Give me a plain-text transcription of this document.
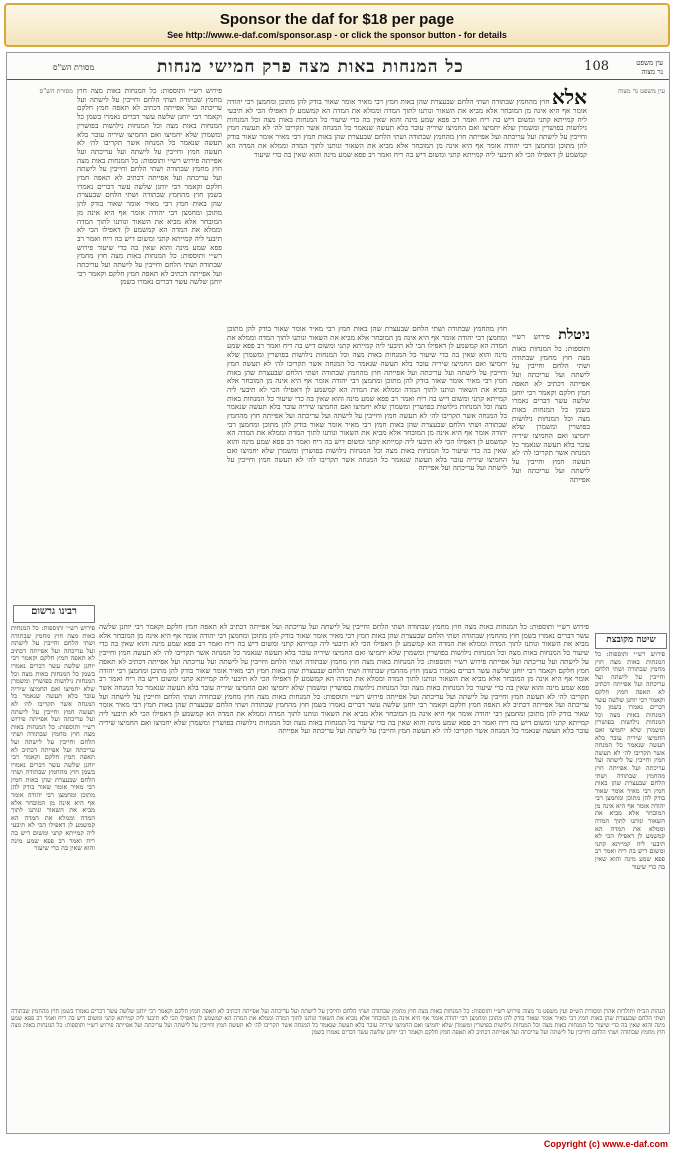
Sponsor the daf for $18 per page
See http://www.e-daf.com/sponsor.asp - or click the sponsor button - for details
מסורת הש"ס	כל המנחות באות מצה פרק חמישי מנחות	108	עין משפט
נר מצוה
עין משפט נר מצוה
אלא חוץ מהחמץ שבתודה ושתי הלחם שבעצרת שהן באות חמץ רבי מאיר אומר שאור בודק להן מתוכן ומחמצן רבי יהודה אומר אף היא אינה מן המובחר אלא מביא את השאור ונותנו לתוך המדה וממלא את המדה הא קמשמע לן דאפילו הכי לא תיבעי ליה קמייתא קתני ומשום דיש בה ריח ואמר רב פפא שמע מינה והוא שאין בה כדי שיעור כל המנחות באות מצה וכל המנחות נילושות בפושרין ומשמרן שלא יחמיצו ואם החמיצו שיריה עובר בלא תעשה שנאמר כל המנחה אשר תקריבו לה׳ לא תעשה חמץ וחייבין על לישתה ועל עריכתה ועל אפייתה חוץ מהחמץ שבתודה ושתי הלחם שבעצרת שהן באות חמץ רבי מאיר אומר שאור בודק להן מתוכן ומחמצן רבי יהודה אומר אף היא אינה מן המובחר אלא מביא את השאור ונותנו לתוך המדה וממלא את המדה הא קמשמע לן דאפילו הכי לא תיבעי ליה קמייתא קתני ומשום דיש בה ריח ואמר רב פפא שמע מינה והוא שאין בה כדי שיעור
חוץ מהחמץ שבתודה ושתי הלחם שבעצרת שהן באות חמץ רבי מאיר אומר שאור בודק להן מתוכן ומחמצן רבי יהודה אומר אף היא אינה מן המובחר אלא מביא את השאור ונותנו לתוך המדה וממלא את המדה הא קמשמע לן דאפילו הכי לא תיבעי ליה קמייתא קתני ומשום דיש בה ריח ואמר רב פפא שמע מינה והוא שאין בה כדי שיעור כל המנחות באות מצה וכל המנחות נילושות בפושרין ומשמרן שלא יחמיצו ואם החמיצו שיריה עובר בלא תעשה שנאמר כל המנחה אשר תקריבו לה׳ לא תעשה חמץ וחייבין על לישתה ועל עריכתה ועל אפייתה חוץ מהחמץ שבתודה ושתי הלחם שבעצרת שהן באות חמץ רבי מאיר אומר שאור בודק להן מתוכן ומחמצן רבי יהודה אומר אף היא אינה מן המובחר אלא מביא את השאור ונותנו לתוך המדה וממלא את המדה הא קמשמע לן דאפילו הכי לא תיבעי ליה קמייתא קתני ומשום דיש בה ריח ואמר רב פפא שמע מינה והוא שאין בה כדי שיעור כל המנחות באות מצה וכל המנחות נילושות בפושרין ומשמרן שלא יחמיצו ואם החמיצו שיריה עובר בלא תעשה שנאמר כל המנחה אשר תקריבו לה׳ לא תעשה חמץ וחייבין על לישתה ועל עריכתה ועל אפייתה חוץ מהחמץ שבתודה ושתי הלחם שבעצרת שהן באות חמץ רבי מאיר אומר שאור בודק להן מתוכן ומחמצן רבי יהודה אומר אף היא אינה מן המובחר אלא מביא את השאור ונותנו לתוך המדה וממלא את המדה הא קמשמע לן דאפילו הכי לא תיבעי ליה קמייתא קתני ומשום דיש בה ריח ואמר רב פפא שמע מינה והוא שאין בה כדי שיעור כל המנחות באות מצה וכל המנחות נילושות בפושרין ומשמרן שלא יחמיצו ואם החמיצו שיריה עובר בלא תעשה שנאמר כל המנחה אשר תקריבו לה׳ לא תעשה חמץ וחייבין על לישתה ועל עריכתה ועל אפייתה
ניטלת פירוש רש״י ותוספות: כל המנחות באות מצה חוץ מחמץ שבתודה ושתי הלחם וחייבין על לישתה ועל עריכתה ועל אפייתה דכתיב לא תאפה חמץ חלקם וקאמר רבי יוחנן שלשה עשר דברים נאמרו בשמן כל המנחות באות מצה וכל המנחות נילושות בפושרין ומשמרן שלא יחמיצו ואם החמיצו שיריה עובר בלא תעשה שנאמר כל המנחה אשר תקריבו לה׳ לא תעשה חמץ וחייבין על לישתה ועל עריכתה ועל אפייתה
פירוש רש״י ותוספות: כל המנחות באות מצה חוץ מחמץ שבתודה ושתי הלחם וחייבין על לישתה ועל עריכתה ועל אפייתה דכתיב לא תאפה חמץ חלקם וקאמר רבי יוחנן שלשה עשר דברים נאמרו בשמן כל המנחות באות מצה וכל המנחות נילושות בפושרין ומשמרן שלא יחמיצו ואם החמיצו שיריה עובר בלא תעשה שנאמר כל המנחה אשר תקריבו לה׳ לא תעשה חמץ וחייבין על לישתה ועל עריכתה ועל אפייתה פירוש רש״י ותוספות: כל המנחות באות מצה חוץ מחמץ שבתודה ושתי הלחם וחייבין על לישתה ועל עריכתה ועל אפייתה דכתיב לא תאפה חמץ חלקם וקאמר רבי יוחנן שלשה עשר דברים נאמרו בשמן חוץ מהחמץ שבתודה ושתי הלחם שבעצרת שהן באות חמץ רבי מאיר אומר שאור בודק להן מתוכן ומחמצן רבי יהודה אומר אף היא אינה מן המובחר אלא מביא את השאור ונותנו לתוך המדה וממלא את המדה הא קמשמע לן דאפילו הכי לא תיבעי ליה קמייתא קתני ומשום דיש בה ריח ואמר רב פפא שמע מינה והוא שאין בה כדי שיעור פירוש רש״י ותוספות: כל המנחות באות מצה חוץ מחמץ שבתודה ושתי הלחם וחייבין על לישתה ועל עריכתה ועל אפייתה דכתיב לא תאפה חמץ חלקם וקאמר רבי יוחנן שלשה עשר דברים נאמרו בשמן
מסורת הש"ס
רבינו גרשום
פירוש רש״י ותוספות: כל המנחות באות מצה חוץ מחמץ שבתודה ושתי הלחם וחייבין על לישתה ועל עריכתה ועל אפייתה דכתיב לא תאפה חמץ חלקם וקאמר רבי יוחנן שלשה עשר דברים נאמרו בשמן כל המנחות באות מצה וכל המנחות נילושות בפושרין ומשמרן שלא יחמיצו ואם החמיצו שיריה עובר בלא תעשה שנאמר כל המנחה אשר תקריבו לה׳ לא תעשה חמץ וחייבין על לישתה ועל עריכתה ועל אפייתה פירוש רש״י ותוספות: כל המנחות באות מצה חוץ מחמץ שבתודה ושתי הלחם וחייבין על לישתה ועל עריכתה ועל אפייתה דכתיב לא תאפה חמץ חלקם וקאמר רבי יוחנן שלשה עשר דברים נאמרו בשמן חוץ מהחמץ שבתודה ושתי הלחם שבעצרת שהן באות חמץ רבי מאיר אומר שאור בודק להן מתוכן ומחמצן רבי יהודה אומר אף היא אינה מן המובחר אלא מביא את השאור ונותנו לתוך המדה וממלא את המדה הא קמשמע לן דאפילו הכי לא תיבעי ליה קמייתא קתני ומשום דיש בה ריח ואמר רב פפא שמע מינה והוא שאין בה כדי שיעור
פירוש רש״י ותוספות: כל המנחות באות מצה חוץ מחמץ שבתודה ושתי הלחם וחייבין על לישתה ועל עריכתה ועל אפייתה דכתיב לא תאפה חמץ חלקם וקאמר רבי יוחנן שלשה עשר דברים נאמרו בשמן חוץ מהחמץ שבתודה ושתי הלחם שבעצרת שהן באות חמץ רבי מאיר אומר שאור בודק להן מתוכן ומחמצן רבי יהודה אומר אף היא אינה מן המובחר אלא מביא את השאור ונותנו לתוך המדה וממלא את המדה הא קמשמע לן דאפילו הכי לא תיבעי ליה קמייתא קתני ומשום דיש בה ריח ואמר רב פפא שמע מינה והוא שאין בה כדי שיעור כל המנחות באות מצה וכל המנחות נילושות בפושרין ומשמרן שלא יחמיצו ואם החמיצו שיריה עובר בלא תעשה שנאמר כל המנחה אשר תקריבו לה׳ לא תעשה חמץ וחייבין על לישתה ועל עריכתה ועל אפייתה פירוש רש״י ותוספות: כל המנחות באות מצה חוץ מחמץ שבתודה ושתי הלחם וחייבין על לישתה ועל עריכתה ועל אפייתה דכתיב לא תאפה חמץ חלקם וקאמר רבי יוחנן שלשה עשר דברים נאמרו בשמן חוץ מהחמץ שבתודה ושתי הלחם שבעצרת שהן באות חמץ רבי מאיר אומר שאור בודק להן מתוכן ומחמצן רבי יהודה אומר אף היא אינה מן המובחר אלא מביא את השאור ונותנו לתוך המדה וממלא את המדה הא קמשמע לן דאפילו הכי לא תיבעי ליה קמייתא קתני ומשום דיש בה ריח ואמר רב פפא שמע מינה והוא שאין בה כדי שיעור כל המנחות באות מצה וכל המנחות נילושות בפושרין ומשמרן שלא יחמיצו ואם החמיצו שיריה עובר בלא תעשה שנאמר כל המנחה אשר תקריבו לה׳ לא תעשה חמץ וחייבין על לישתה ועל עריכתה ועל אפייתה פירוש רש״י ותוספות: כל המנחות באות מצה חוץ מחמץ שבתודה ושתי הלחם וחייבין על לישתה ועל עריכתה ועל אפייתה דכתיב לא תאפה חמץ חלקם וקאמר רבי יוחנן שלשה עשר דברים נאמרו בשמן חוץ מהחמץ שבתודה ושתי הלחם שבעצרת שהן באות חמץ רבי מאיר אומר שאור בודק להן מתוכן ומחמצן רבי יהודה אומר אף היא אינה מן המובחר אלא מביא את השאור ונותנו לתוך המדה וממלא את המדה הא קמשמע לן דאפילו הכי לא תיבעי ליה קמייתא קתני ומשום דיש בה ריח ואמר רב פפא שמע מינה והוא שאין בה כדי שיעור כל המנחות באות מצה וכל המנחות נילושות בפושרין ומשמרן שלא יחמיצו ואם החמיצו שיריה עובר בלא תעשה שנאמר כל המנחה אשר תקריבו לה׳ לא תעשה חמץ וחייבין על לישתה ועל עריכתה ועל אפייתה
שיטה מקובצת
פירוש רש״י ותוספות: כל המנחות באות מצה חוץ מחמץ שבתודה ושתי הלחם וחייבין על לישתה ועל עריכתה ועל אפייתה דכתיב לא תאפה חמץ חלקם וקאמר רבי יוחנן שלשה עשר דברים נאמרו בשמן כל המנחות באות מצה וכל המנחות נילושות בפושרין ומשמרן שלא יחמיצו ואם החמיצו שיריה עובר בלא תעשה שנאמר כל המנחה אשר תקריבו לה׳ לא תעשה חמץ וחייבין על לישתה ועל עריכתה ועל אפייתה חוץ מהחמץ שבתודה ושתי הלחם שבעצרת שהן באות חמץ רבי מאיר אומר שאור בודק להן מתוכן ומחמצן רבי יהודה אומר אף היא אינה מן המובחר אלא מביא את השאור ונותנו לתוך המדה וממלא את המדה הא קמשמע לן דאפילו הכי לא תיבעי ליה קמייתא קתני ומשום דיש בה ריח ואמר רב פפא שמע מינה והוא שאין בה כדי שיעור
הגהות הב״ח ותולדות אהרן ומסורת הש״ס ועין משפט נר מצוה פירוש רש״י ותוספות: כל המנחות באות מצה חוץ מחמץ שבתודה ושתי הלחם וחייבין על לישתה ועל עריכתה ועל אפייתה דכתיב לא תאפה חמץ חלקם וקאמר רבי יוחנן שלשה עשר דברים נאמרו בשמן חוץ מהחמץ שבתודה ושתי הלחם שבעצרת שהן באות חמץ רבי מאיר אומר שאור בודק להן מתוכן ומחמצן רבי יהודה אומר אף היא אינה מן המובחר אלא מביא את השאור ונותנו לתוך המדה וממלא את המדה הא קמשמע לן דאפילו הכי לא תיבעי ליה קמייתא קתני ומשום דיש בה ריח ואמר רב פפא שמע מינה והוא שאין בה כדי שיעור כל המנחות באות מצה וכל המנחות נילושות בפושרין ומשמרן שלא יחמיצו ואם החמיצו שיריה עובר בלא תעשה שנאמר כל המנחה אשר תקריבו לה׳ לא תעשה חמץ וחייבין על לישתה ועל עריכתה ועל אפייתה פירוש רש״י ותוספות: כל המנחות באות מצה חוץ מחמץ שבתודה ושתי הלחם וחייבין על לישתה ועל עריכתה ועל אפייתה דכתיב לא תאפה חמץ חלקם וקאמר רבי יוחנן שלשה עשר דברים נאמרו בשמן
Copyright (c) www.e-daf.com
